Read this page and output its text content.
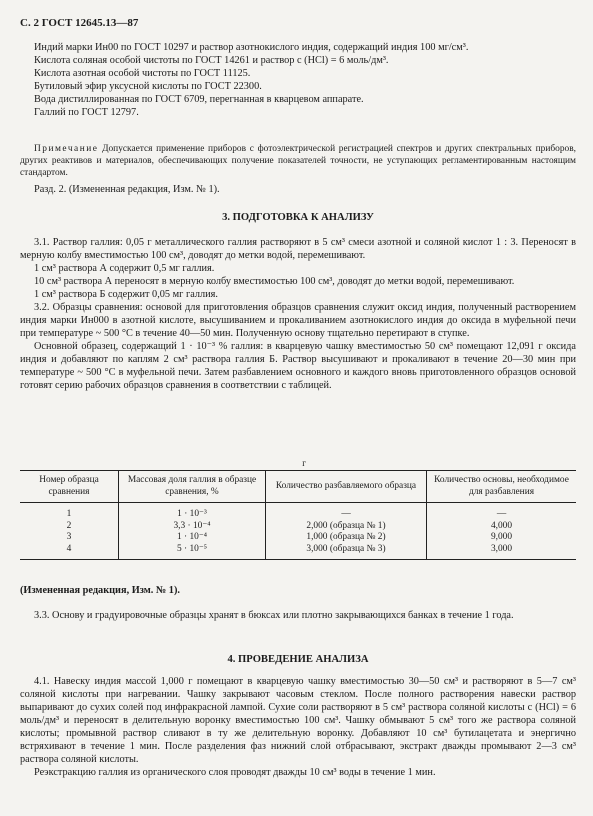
С. 2 ГОСТ 12645.13—87

Индий марки Ин00 по ГОСТ 10297 и раствор азотнокислого индия, содержащий индия 100 мг/см³.

Кислота соляная особой чистоты по ГОСТ 14261 и раствор c (HCl) = 6 моль/дм³.

Кислота азотная особой чистоты по ГОСТ 11125.

Бутиловый эфир уксусной кислоты по ГОСТ 22300.

Вода дистиллированная по ГОСТ 6709, перегнанная в кварцевом аппарате.

Галлий по ГОСТ 12797.

Примечание Допускается применение приборов с фотоэлектрической регистрацией спектров и других спектральных приборов, других реактивов и материалов, обеспечивающих получение показателей точности, не уступающих регламентированным настоящим стандартом.

Разд. 2. (Измененная редакция, Изм. № 1).

3. ПОДГОТОВКА К АНАЛИЗУ

3.1. Раствор галлия: 0,05 г металлического галлия растворяют в 5 см³ смеси азотной и соляной кислот 1 : 3. Переносят в мерную колбу вместимостью 100 см³, доводят до метки водой, перемешивают.

1 см³ раствора А содержит 0,5 мг галлия.

10 см³ раствора А переносят в мерную колбу вместимостью 100 см³, доводят до метки водой, перемешивают.

1 см³ раствора Б содержит 0,05 мг галлия.

3.2. Образцы сравнения: основой для приготовления образцов сравнения служит оксид индия, полученный растворением индия марки Ин000 в азотной кислоте, высушиванием и прокаливанием азотнокислого индия до оксида в муфельной печи при температуре ~ 500 °С в течение 40—50 мин. Полученную основу тщательно перетирают в ступке.

Основной образец, содержащий 1 · 10⁻³ % галлия: в кварцевую чашку вместимостью 50 см³ помещают 12,091 г оксида индия и добавляют по каплям 2 см³ раствора галлия Б. Раствор высушивают и прокаливают в течение 20—30 мин при температуре ~ 500 °С в муфельной печи. Затем разбавлением основного и каждого вновь приготовленного образцов основой готовят серию рабочих образцов сравнения в соответствии с таблицей.

г
Номер образца сравнения	Массовая доля галлия в образце сравнения, %	Количество разбавляемого образца	Количество основы, необходимое для разбавления
1	1 · 10⁻³	—	—
2	3,3 · 10⁻⁴	2,000 (образца № 1)	4,000
3	1 · 10⁻⁴	1,000 (образца № 2)	9,000
4	5 · 10⁻⁵	3,000 (образца № 3)	3,000

(Измененная редакция, Изм. № 1).

3.3. Основу и градуировочные образцы хранят в бюксах или плотно закрывающихся банках в течение 1 года.

4. ПРОВЕДЕНИЕ АНАЛИЗА

4.1. Навеску индия массой 1,000 г помещают в кварцевую чашку вместимостью 30—50 см³ и растворяют в 5—7 см³ соляной кислоты при нагревании. Чашку закрывают часовым стеклом. После полного растворения навески раствор выпаривают до сухих солей под инфракрасной лампой. Сухие соли растворяют в 5 см³ раствора соляной кислоты c (HCl) = 6 моль/дм³ и переносят в делительную воронку вместимостью 100 см³. Чашку обмывают 5 см³ того же раствора соляной кислоты; промывной раствор сливают в ту же делительную воронку. Добавляют 10 см³ бутилацетата и энергично встряхивают в течение 1 мин. После разделения фаз нижний слой отбрасывают, экстракт дважды промывают 2—3 см³ раствора соляной кислоты.

Реэкстракцию галлия из органического слоя проводят дважды 10 см³ воды в течение 1 мин.
